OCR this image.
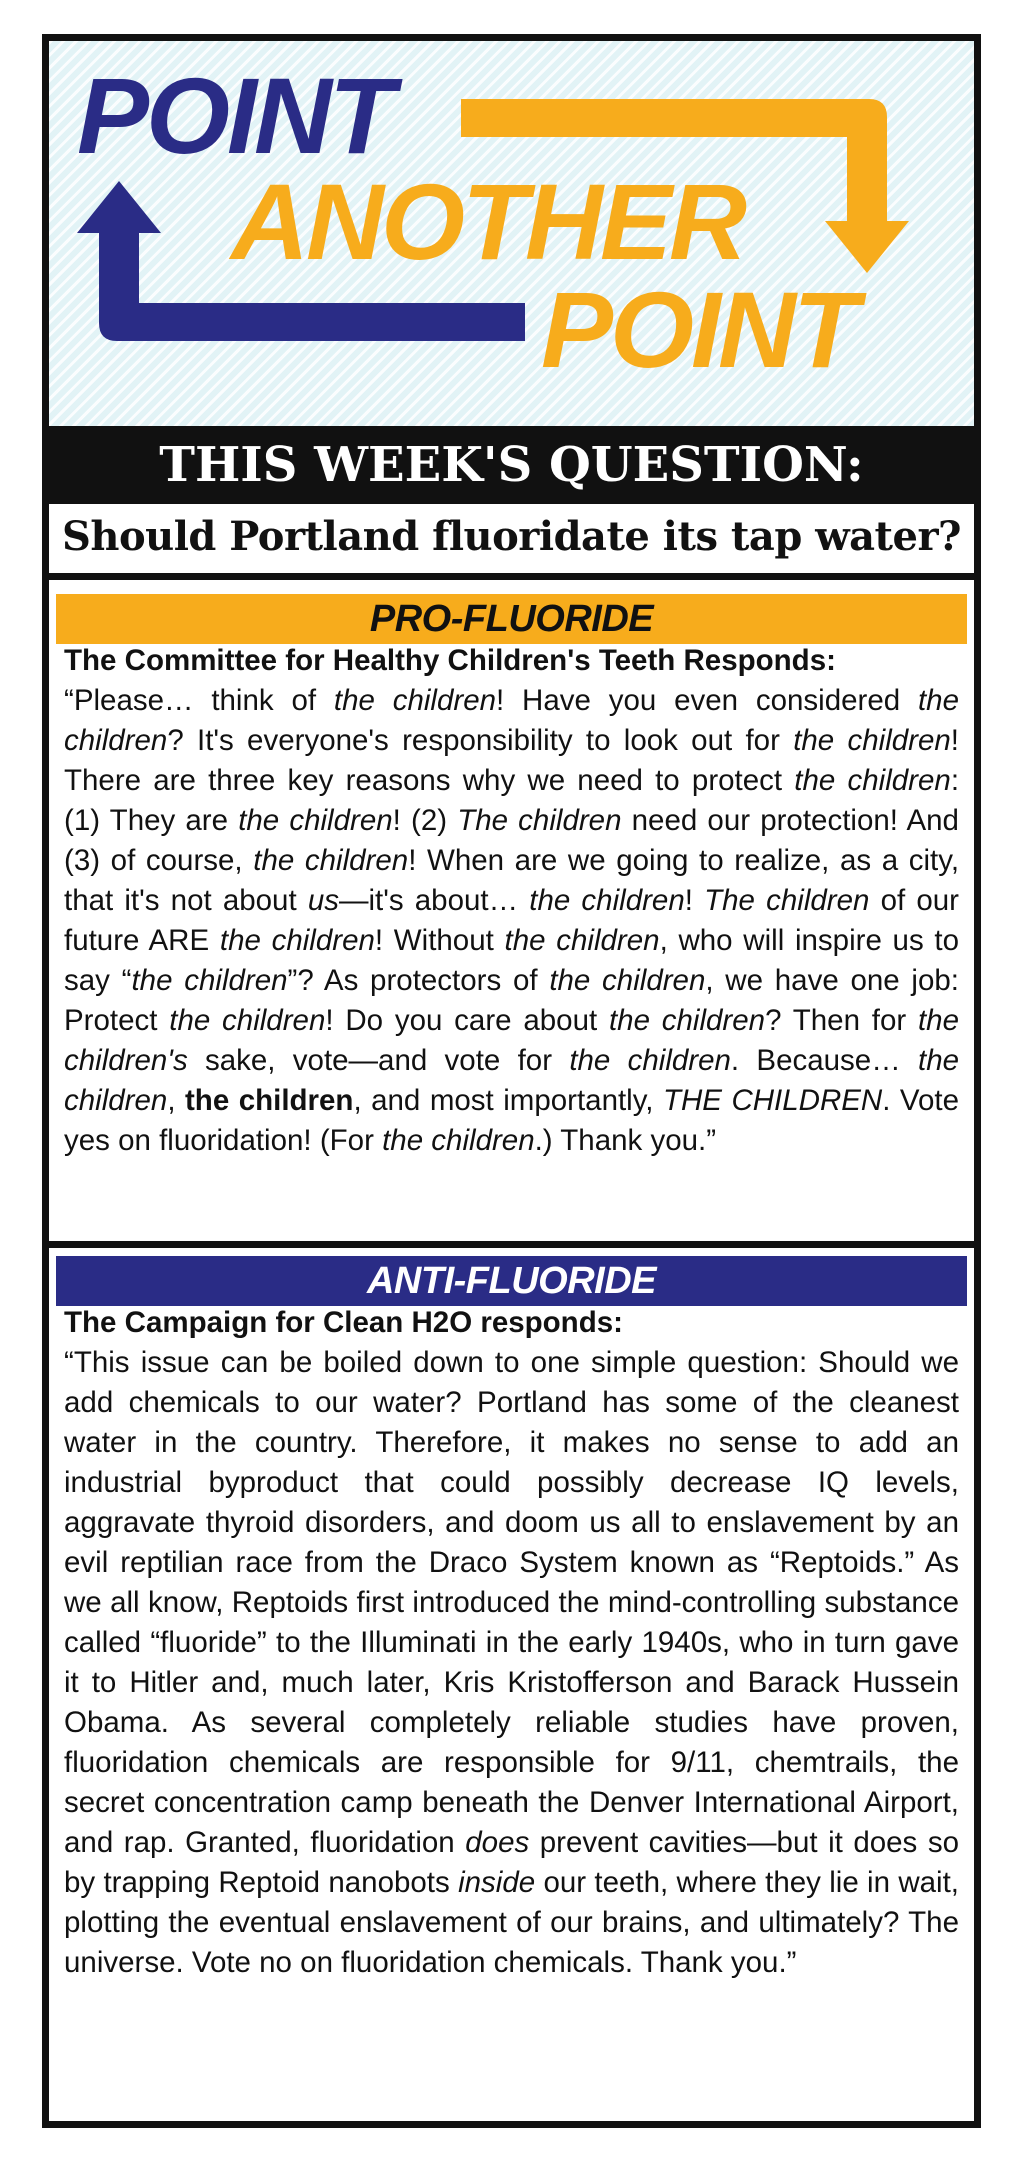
POINT
ANOTHER
POINT
THIS WEEK'S QUESTION:
Should Portland fluoridate its tap water?
PRO-FLUORIDE
The Committee for Healthy Children's Teeth Responds:
“Please… think of the children! Have you even considered the children? It's everyone's responsibility to look out for the children! There are three key reasons why we need to protect the children: (1) They are the children! (2) The children need our protection! And (3) of course, the children! When are we going to realize, as a city, that it's not about us—it's about… the children! The children of our future ARE the children! Without the children, who will inspire us to say “the children”? As protectors of the children, we have one job: Protect the children! Do you care about the children? Then for the children's sake, vote—and vote for the children. Because… the children, the children, and most importantly, THE CHILDREN. Vote yes on fluoridation! (For the children.) Thank you.”
ANTI-FLUORIDE
The Campaign for Clean H2O responds:
“This issue can be boiled down to one simple question: Should we add chemicals to our water? Portland has some of the cleanest water in the country. Therefore, it makes no sense to add an industrial byproduct that could possibly decrease IQ levels, aggravate thyroid disorders, and doom us all to enslavement by an evil reptilian race from the Draco System known as “Reptoids.” As we all know, Reptoids first introduced the mind-controlling substance called “fluoride” to the Illuminati in the early 1940s, who in turn gave it to Hitler and, much later, Kris Kristofferson and Barack Hussein Obama. As several completely reliable studies have proven, fluoridation chemicals are responsible for 9/11, chemtrails, the secret concentration camp beneath the Denver International Airport, and rap. Granted, fluoridation does prevent cavities—but it does so by trapping Reptoid nanobots inside our teeth, where they lie in wait, plotting the eventual enslavement of our brains, and ultimately? The universe. Vote no on fluoridation chemicals. Thank you.”
